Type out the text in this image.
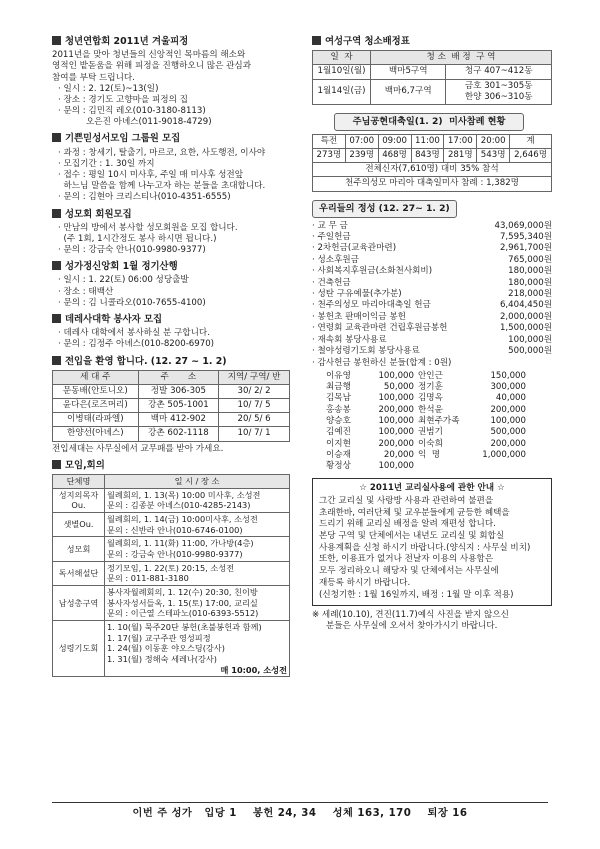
청년연합회 2011년 겨울피정
2011년을 맞아 청년들의 신앙적인 목마름의 해소와
영적인 밭돋움을 위해 피정을 진행하오니 많은 관심과
참여를 부탁 드립니다.
· 일시 : 2. 12(토)~13(일)
· 장소 : 경기도 고향마을 피정의 집
· 문의 : 김민직 레오(010-3180-8113)
오은진 아녜스(011-9018-4729)
기쁜믿성서모임 그룹원 모집
· 과정 : 창세기, 탈출기, 마르코, 요한, 사도행전, 이사야
· 모집기간 : 1. 30일 까지
· 접수 : 평일 10시 미사후, 주일 매 미사후 성전앞
하느님 말씀을 함께 나누고자 하는 분들을 초대합니다.
· 문의 : 김현아 크리스티나(010-4351-6555)
성모회 회원모집
· 만남의 방에서 봉사할 성모회원을 모집 합니다.
(주 1회, 1시간정도 봉사 하시면 됩니다.)
· 문의 : 강금숙 안나(010-9980-9377)
성가정신앙회 1월 정기산행
· 일시 : 1. 22(토) 06:00 성당출발
· 장소 : 태백산
· 문의 : 김 니콜라오(010-7655-4100)
데레사대학 봉사자 모집
· 데레사 대학에서 봉사하실 분 구합니다.
· 문의 : 김정주 아녜스(010-8200-6970)
전입을 환영 합니다. (12. 27 ~ 1. 2)
세 대 주	주       소	지역/ 구역/ 반
문동배(안토니오)	정발 306-305	30/ 2/ 2
윤다은(로즈머리)	강촌 505-1001	10/ 7/ 5
이병태(라파엘)	백마 412-902	20/ 5/ 6
한양선(아녜스)	강촌 602-1118	10/ 7/ 1
전입세대는 사무실에서 교무패를 받아 가세요.
모임,회의
단체명	일 시 / 장 소
성지의목자Ou.	월례회의, 1. 13(목) 10:00 미사후, 소성전
문의 : 김종분 아녜스(010-4285-2143)

샛별Ou.	월례회의, 1. 14(금) 10:00미사후, 소성전
문의 : 신반라 안나(010-6746-0100)

성모회	월례회의, 1. 11(화) 11:00, 가나방(4층)
문의 : 강금숙 안나(010-9980-9377)

독서해설단	정기모임, 1. 22(토) 20:15, 소성전
문의 : 011-881-3180

남성총구역	봉사자월례회의, 1. 12(수) 20:30, 친이방
봉사자성서들옥, 1. 15(토) 17:00, 교리실
문의 : 이근열 스테파노(010-6393-5512)

성령기도회	1. 10(월) 묵주20단 봉헌(초불봉헌과 함께)
1. 17(월) 교구주관 영성피정
1. 24(월) 이동훈 야오스딩(강사)
1. 31(월) 정해숙 세레나(강사)
매 10:00, 소성전
여성구역 청소배정표
일  자	청 소  배 정  구 역	
1월10일(월)	백마5구역	청구 407~412동
1월14일(금)	백마6,7구역	금호 301~305동
한양 306~310동
주님공현대축일(1. 2)  미사참례 현황
특전	07:00	09:00	11:00	17:00	20:00	계
273명	239명	468명	843명	281명	543명	2,646명
전체신자(7,610명) 대비 35% 참석						
천주의성모 마리아 대축일미사 참례 : 1,382명						
우리들의 정성 (12. 27~ 1. 2)
· 교 무 금	43,069,000원
· 주일헌금	7,595,340원
· 2차헌금(교육관마련)	2,961,700원
· 성소후원금	765,000원
· 사회복지후원금(소화천사회비)	180,000원
· 건축헌금	180,000원
· 성탄 구유예물(추가분)	218,000원
· 천주의성모 마리아대축일 헌금	6,404,450원
· 봉헌초 판매이익금 봉헌	2,000,000원
· 연령회 교육관마련 건립후원금봉헌	1,500,000원
· 재속회 봉당사용료	100,000원
· 철야성령기도회 봉당사용료	500,000원
· 감사헌금 봉헌하신 분들(합계 : 0원)
이유영	100,000 안인근	150,000
최금행	50,000 정기훈	300,000
김목남	100,000 김명옥	40,000
홍송봉	200,000 한석윤	200,000
양승호	100,000 최현주가족	100,000
김예진	100,000 권범기	500,000
이지현	200,000 이숙희	200,000
이승재	20,000 익  명	1,000,000
황정상	100,000
☆ 2011년 교리실사용에 관한 안내 ☆

그간 교리실 및 사랑방 사용과 관련하여 불편을

초래한바, 여러단체 및 교우분들에게 균등한 혜택을

드리기 위해 교리실 배정을 알려 재편성 합니다.

본당 구역 및 단체에서는 내년도 교리실 및 회합실

사용계획을 신청 하시기 바랍니다.(양식지 : 사무실 비치)

또한, 이용표가 없거나 전날자 이용의 사용함은

모두 정리하오니 해당자 및 단체에서는 사무실에

재등록 하시기 바랍니다.

(신청기한 : 1월 16일까지, 배정 : 1월 말 이후 적용)

※ 세례(10.10), 견진(11.7)예식 사진을 받지 않으신
분들은 사무실에 오셔서 찾아가시기 바랍니다.
이번 주 성가   입당 1    봉헌 24, 34    성체 163, 170    퇴장 16
